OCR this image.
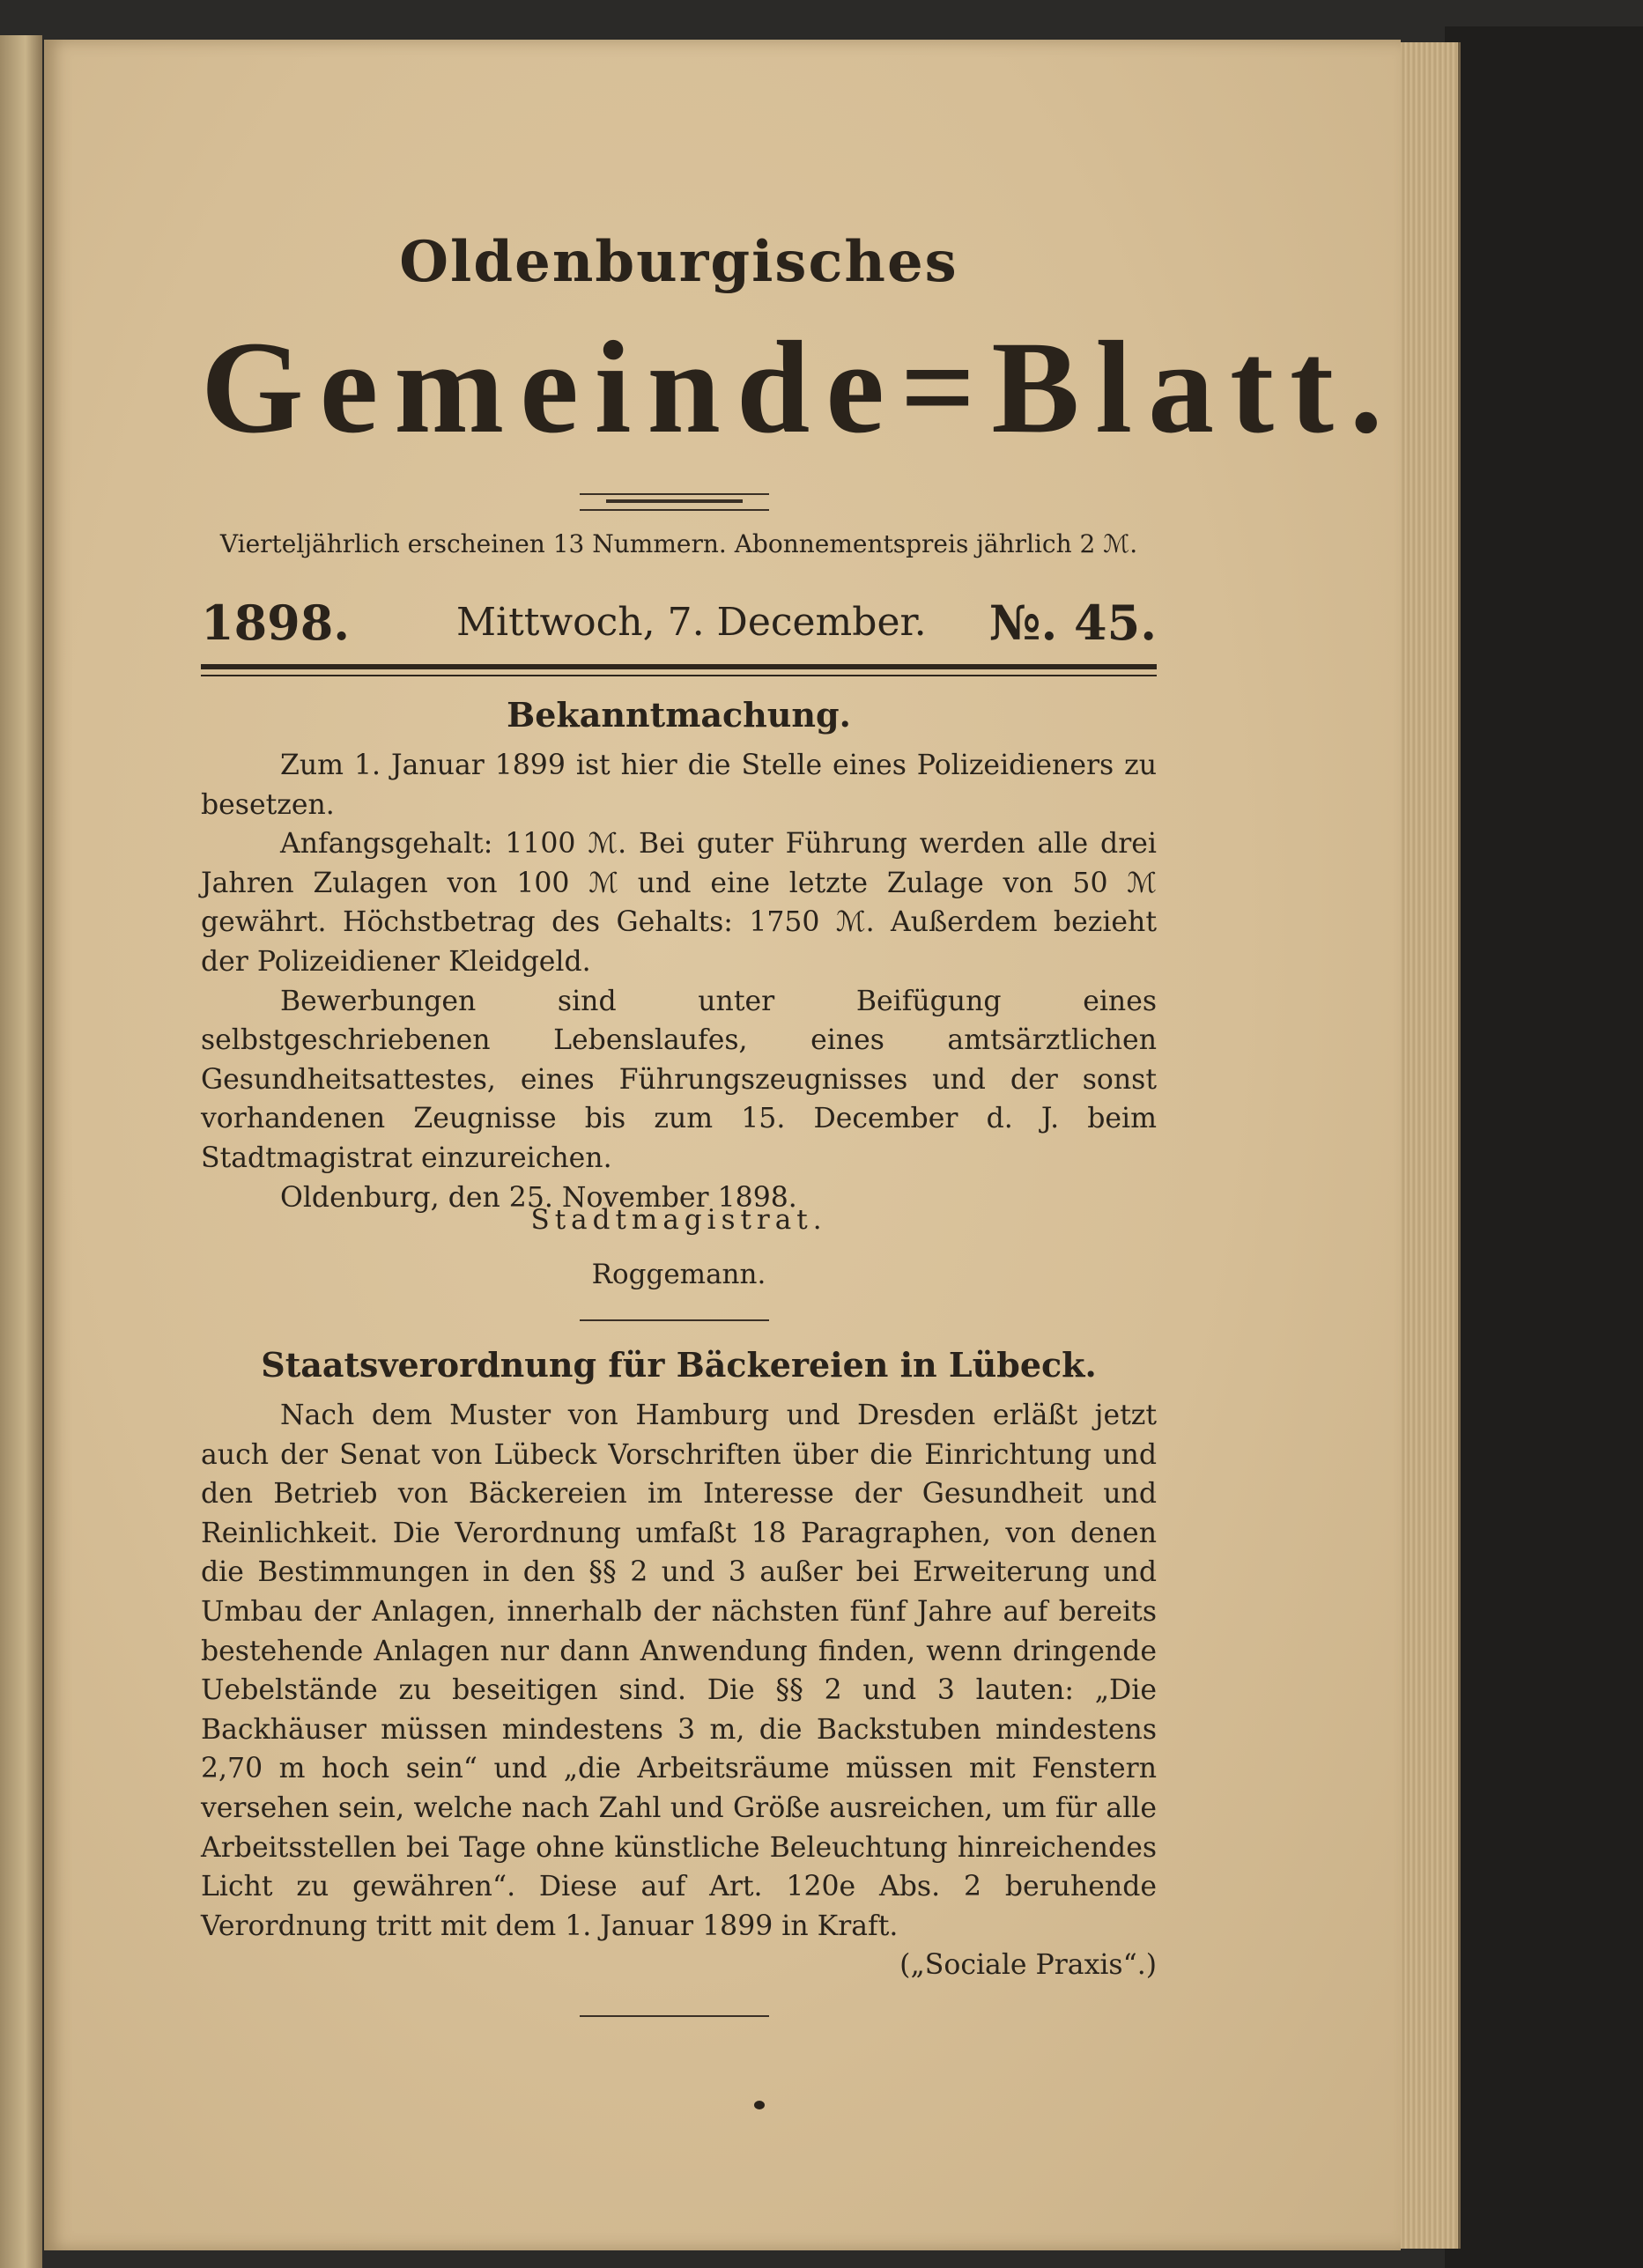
Oldenburgisches
Gemeinde=Blatt.
Vierteljährlich erscheinen 13 Nummern. Abonnementspreis jährlich 2 ℳ.
1898.	Mittwoch, 7. December. №. 45.
Bekanntmachung.

Zum 1. Januar 1899 ist hier die Stelle eines Polizeidieners zu besetzen.

Anfangsgehalt: 1100 ℳ. Bei guter Führung werden alle drei Jahren Zulagen von 100 ℳ und eine letzte Zulage von 50 ℳ gewährt. Höchstbetrag des Gehalts: 1750 ℳ. Außerdem bezieht der Polizeidiener Kleidgeld.

Bewerbungen sind unter Beifügung eines selbstgeschriebenen Lebenslaufes, eines amtsärztlichen Gesundheitsattestes, eines Führungszeugnisses und der sonst vorhandenen Zeugnisse bis zum 15. December d. J. beim Stadtmagistrat einzureichen.

Oldenburg, den 25. November 1898.

Stadtmagistrat.
Roggemann.
Staatsverordnung für Bäckereien in Lübeck.

Nach dem Muster von Hamburg und Dresden erläßt jetzt auch der Senat von Lübeck Vorschriften über die Einrichtung und den Betrieb von Bäckereien im Interesse der Gesundheit und Reinlichkeit. Die Verordnung umfaßt 18 Paragraphen, von denen die Bestimmungen in den §§ 2 und 3 außer bei Erweiterung und Umbau der Anlagen, innerhalb der nächsten fünf Jahre auf bereits bestehende Anlagen nur dann Anwendung finden, wenn dringende Uebelstände zu beseitigen sind. Die §§ 2 und 3 lauten: „Die Backhäuser müssen mindestens 3 m, die Backstuben mindestens 2,70 m hoch sein“ und „die Arbeitsräume müssen mit Fenstern versehen sein, welche nach Zahl und Größe ausreichen, um für alle Arbeitsstellen bei Tage ohne künstliche Beleuchtung hinreichendes Licht zu gewähren“. Diese auf Art. 120e Abs. 2 beruhende Verordnung tritt mit dem 1. Januar 1899 in Kraft.
(„Sociale Praxis“.)
